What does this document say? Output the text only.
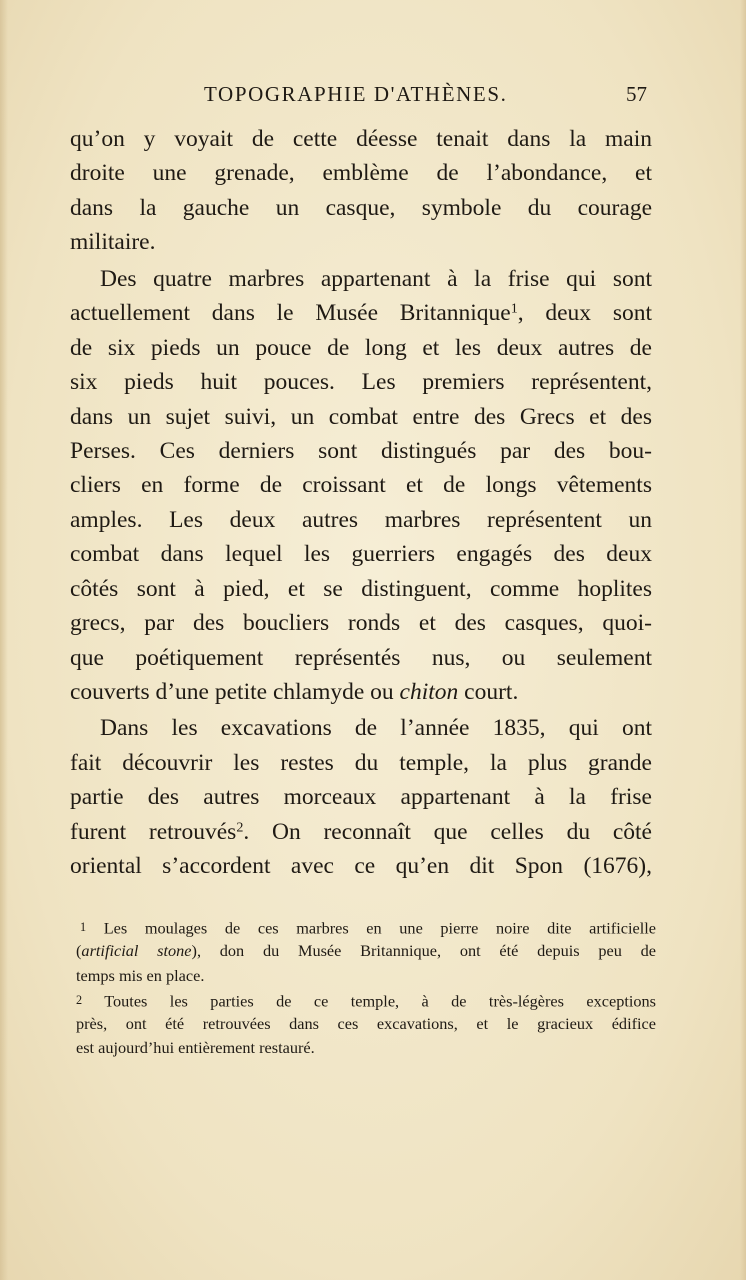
TOPOGRAPHIE D'ATHÈNES.	57
qu’on y voyait de cette déesse tenait dans la main
droite une grenade, emblème de l’abondance, et
dans la gauche un casque, symbole du courage
militaire.
Des quatre marbres appartenant à la frise qui sont
actuellement dans le Musée Britannique$^1$, deux sont
de six pieds un pouce de long et les deux autres de
six pieds huit pouces. Les premiers représentent,
dans un sujet suivi, un combat entre des Grecs et des
Perses. Ces derniers sont distingués par des bou-
cliers en forme de croissant et de longs vêtements
amples. Les deux autres marbres représentent un
combat dans lequel les guerriers engagés des deux
côtés sont à pied, et se distinguent, comme hoplites
grecs, par des boucliers ronds et des casques, quoi-
que poétiquement représentés nus, ou seulement
couverts d’une petite chlamyde ou chiton court.
Dans les excavations de l’année 1835, qui ont
fait découvrir les restes du temple, la plus grande
partie des autres morceaux appartenant à la frise
furent retrouvés$^2$. On reconnaît que celles du côté
oriental s’accordent avec ce qu’en dit Spon (1676),
1 Les moulages de ces marbres en une pierre noire dite artificielle
(artificial stone), don du Musée Britannique, ont été depuis peu de
temps mis en place.
2 Toutes les parties de ce temple, à de très-légères exceptions
près, ont été retrouvées dans ces excavations, et le gracieux édifice
est aujourd’hui entièrement restauré.
